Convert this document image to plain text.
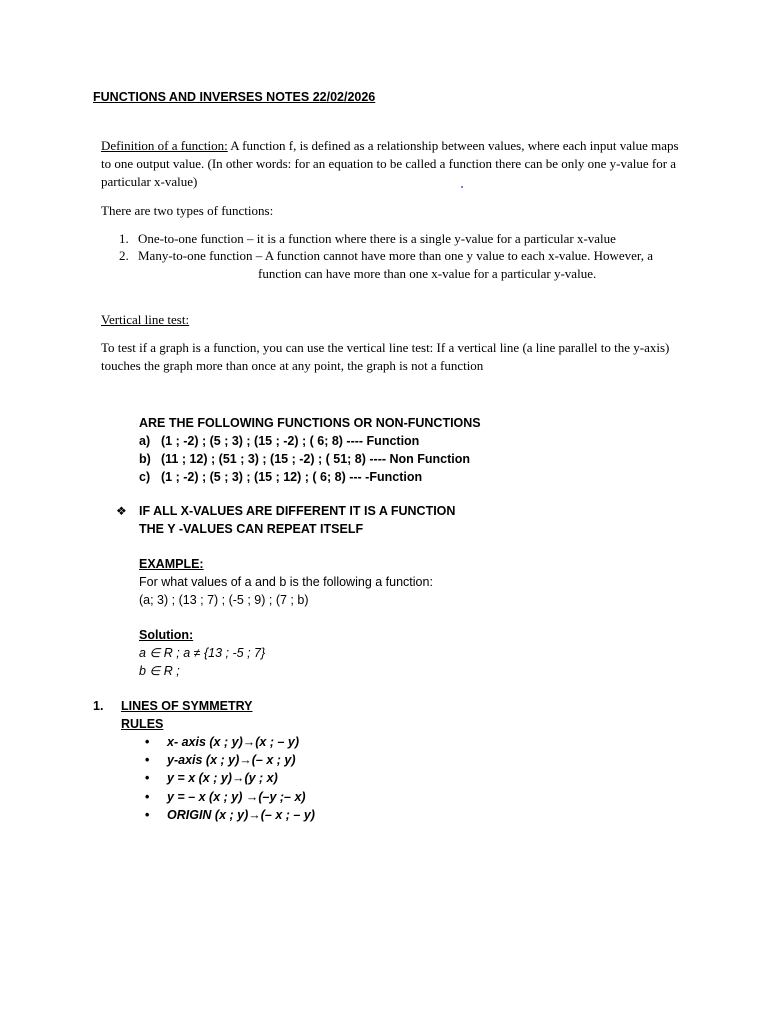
FUNCTIONS AND INVERSES NOTES 22/02/2026
Definition of a function: A function f, is defined as a relationship between values, where each input value maps
to one output value. (In other words: for an equation to be called a function there can be only one y-value for a
particular x-value)
There are two types of functions:
1. One-to-one function – it is a function where there is a single y-value for a particular x-value
2. Many-to-one function – A function cannot have more than one y value to each x-value. However, a
function can have more than one x-value for a particular y-value.
Vertical line test:
To test if a graph is a function, you can use the vertical line test: If a vertical line (a line parallel to the y-axis)
touches the graph more than once at any point, the graph is not a function
ARE THE FOLLOWING FUNCTIONS OR NON-FUNCTIONS
a) (1 ; -2) ; (5 ; 3) ; (15 ; -2) ; ( 6; 8) ---- Function
b) (11 ; 12) ; (51 ; 3) ; (15 ; -2) ; ( 51; 8) ---- Non Function
c) (1 ; -2) ; (5 ; 3) ; (15 ; 12) ; ( 6; 8) --- -Function
❖ IF ALL X-VALUES ARE DIFFERENT IT IS A FUNCTION
THE Y -VALUES CAN REPEAT ITSELF
EXAMPLE:
For what values of a and b is the following a function:
(a; 3) ; (13 ; 7) ; (-5 ; 9) ; (7 ; b)
Solution:
a ∈ R ; a ≠ {13 ; -5 ; 7}
b ∈ R ;
1. LINES OF SYMMETRY
RULES
• x- axis (x ; y)→(x ; – y)
• y-axis (x ; y)→(– x ; y)
• y = x (x ; y)→(y ; x)
• y = – x (x ; y) →(–y ;– x)
• ORIGIN (x ; y)→(– x ; – y)
